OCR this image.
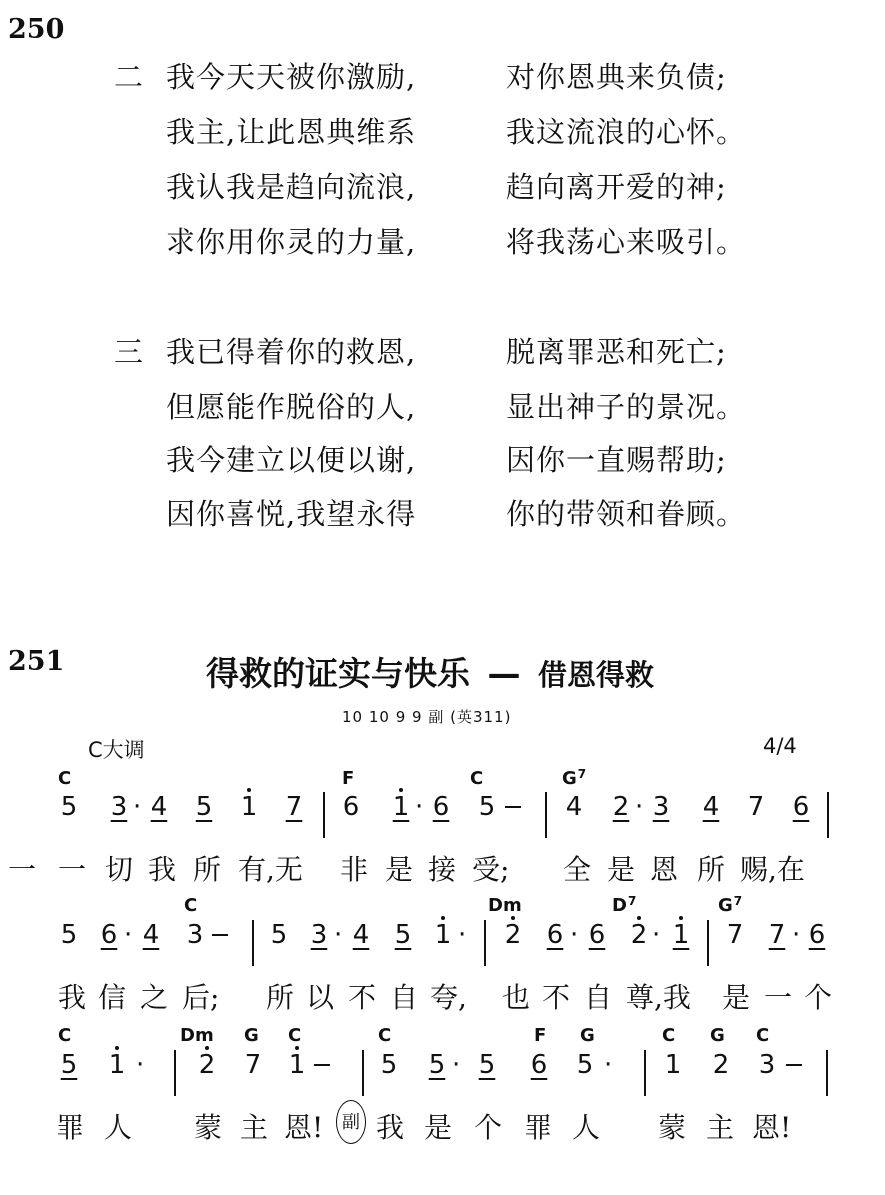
250
二 我今天天被你激励,	对你恩典来负债;
我主,让此恩典维系	我这流浪的心怀。
我认我是趋向流浪,	趋向离开爱的神;
求你用你灵的力量,	将我荡心来吸引。
三 我已得着你的救恩,	脱离罪恶和死亡;
但愿能作脱俗的人,	显出神子的景况。
我今建立以便以谢,	因你一直赐帮助;
因你喜悦,我望永得	你的带领和眷顾。
251	得救的证实与快乐 — 借恩得救
10 10 9 9 副 (英311)
C大调	4/4
C	F	C	$G_7$
5 3 · 4 5 1 7 6 1 · 6 5	4 2 · 3 4 7 6
一 一 切 我 所 有,无 非 是 接 受; 全 是 恩 所 赐,在
C	Dm	$D_7$	$G_7$
5 6 · 4 3	5 3 · 4 5 1 · 2 6 · 6 2 · 1 7 7 · 6
我 信 之 后; 所 以 不 自 夸, 也 不 自 尊,我 是 一 个
C	Dm G C	C	F G	C G C
5 1 · 2 7 1	5 5 · 5 6 5 · 1 2 3
罪 人 蒙 主 恩!	副 我 是 个 罪 人 蒙 主 恩!
